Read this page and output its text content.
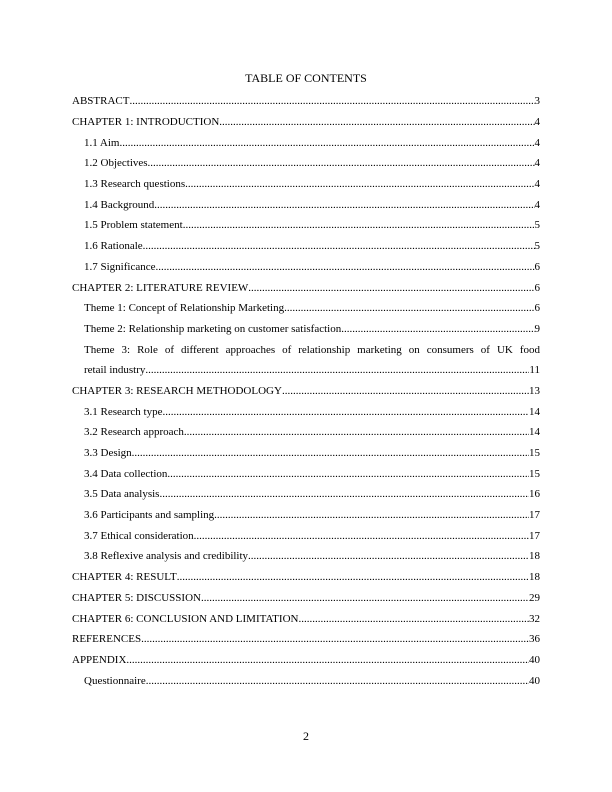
TABLE OF CONTENTS
ABSTRACT .....	3
CHAPTER 1: INTRODUCTION .....	4
1.1 Aim .....	4
1.2 Objectives .....	4
1.3 Research questions .....	4
1.4 Background .....	4
1.5 Problem statement .....	5
1.6 Rationale .....	5
1.7 Significance .....	6
CHAPTER 2: LITERATURE REVIEW .....	6
Theme 1: Concept of Relationship Marketing .....	6
Theme 2: Relationship marketing on customer satisfaction .....	9
Theme 3: Role of different approaches of relationship marketing on consumers of UK food
retail industry .....	11
CHAPTER 3: RESEARCH METHODOLOGY .....	13
3.1 Research type .....	14
3.2 Research approach .....	14
3.3 Design .....	15
3.4 Data collection .....	15
3.5 Data analysis .....	16
3.6 Participants and sampling .....	17
3.7 Ethical consideration .....	17
3.8 Reflexive analysis and credibility .....	18
CHAPTER 4: RESULT .....	18
CHAPTER 5: DISCUSSION .....	29
CHAPTER 6: CONCLUSION AND LIMITATION .....	32
REFERENCES .....	36
APPENDIX .....	40
Questionnaire .....	40
2
